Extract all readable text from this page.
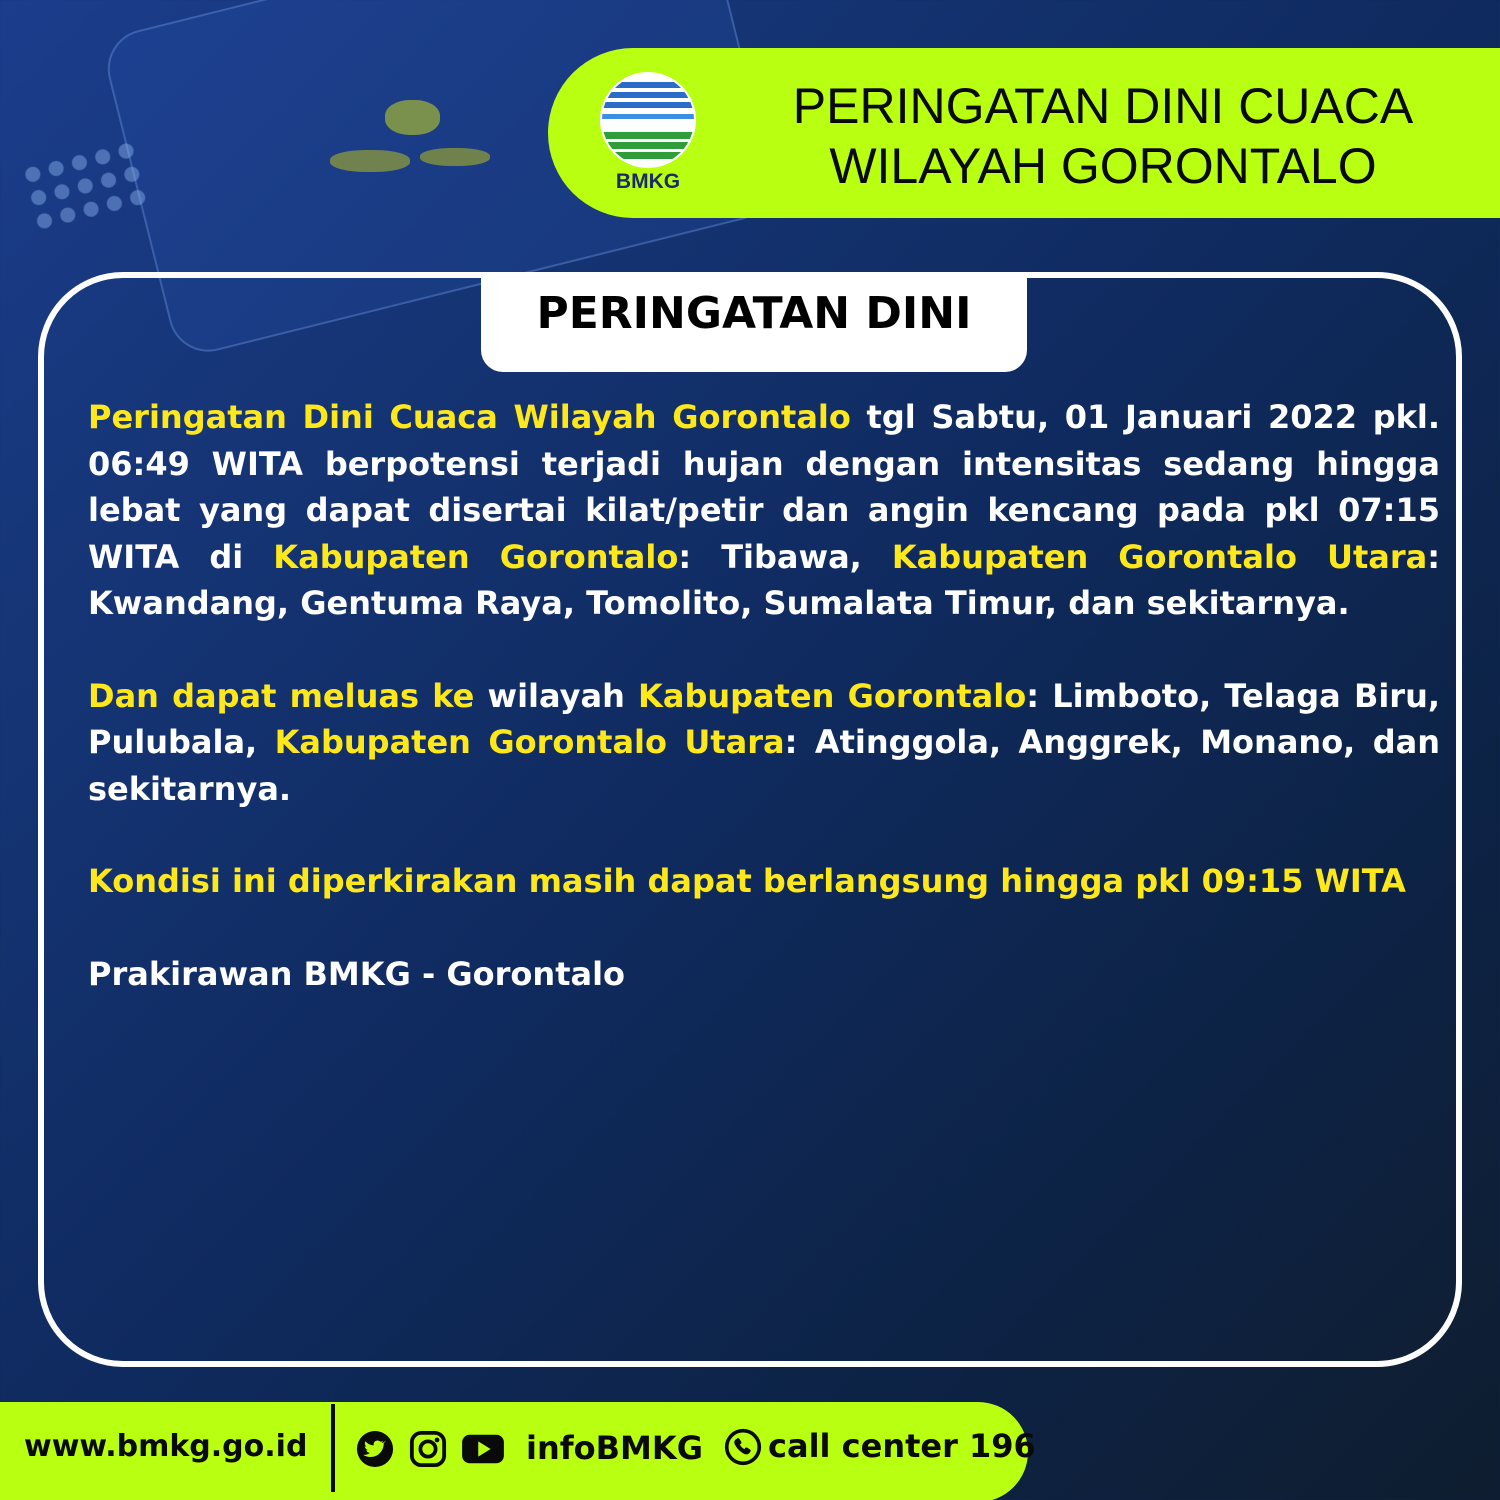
BMKG
PERINGATAN DINI CUACA
WILAYAH GORONTALO
PERINGATAN DINI

Peringatan Dini Cuaca Wilayah Gorontalo tgl Sabtu, 01 Januari 2022 pkl. 06:49 WITA berpotensi terjadi hujan dengan intensitas sedang hingga lebat yang dapat disertai kilat/petir dan angin kencang pada pkl 07:15 WITA di Kabupaten Gorontalo: Tibawa, Kabupaten Gorontalo Utara: Kwandang, Gentuma Raya, Tomolito, Sumalata Timur, dan sekitarnya.

Dan dapat meluas ke wilayah Kabupaten Gorontalo: Limboto, Telaga Biru, Pulubala, Kabupaten Gorontalo Utara: Atinggola, Anggrek, Monano, dan sekitarnya.

Kondisi ini diperkirakan masih dapat berlangsung hingga pkl 09:15 WITA

Prakirawan BMKG - Gorontalo

www.bmkg.go.id	infoBMKG call center 196
